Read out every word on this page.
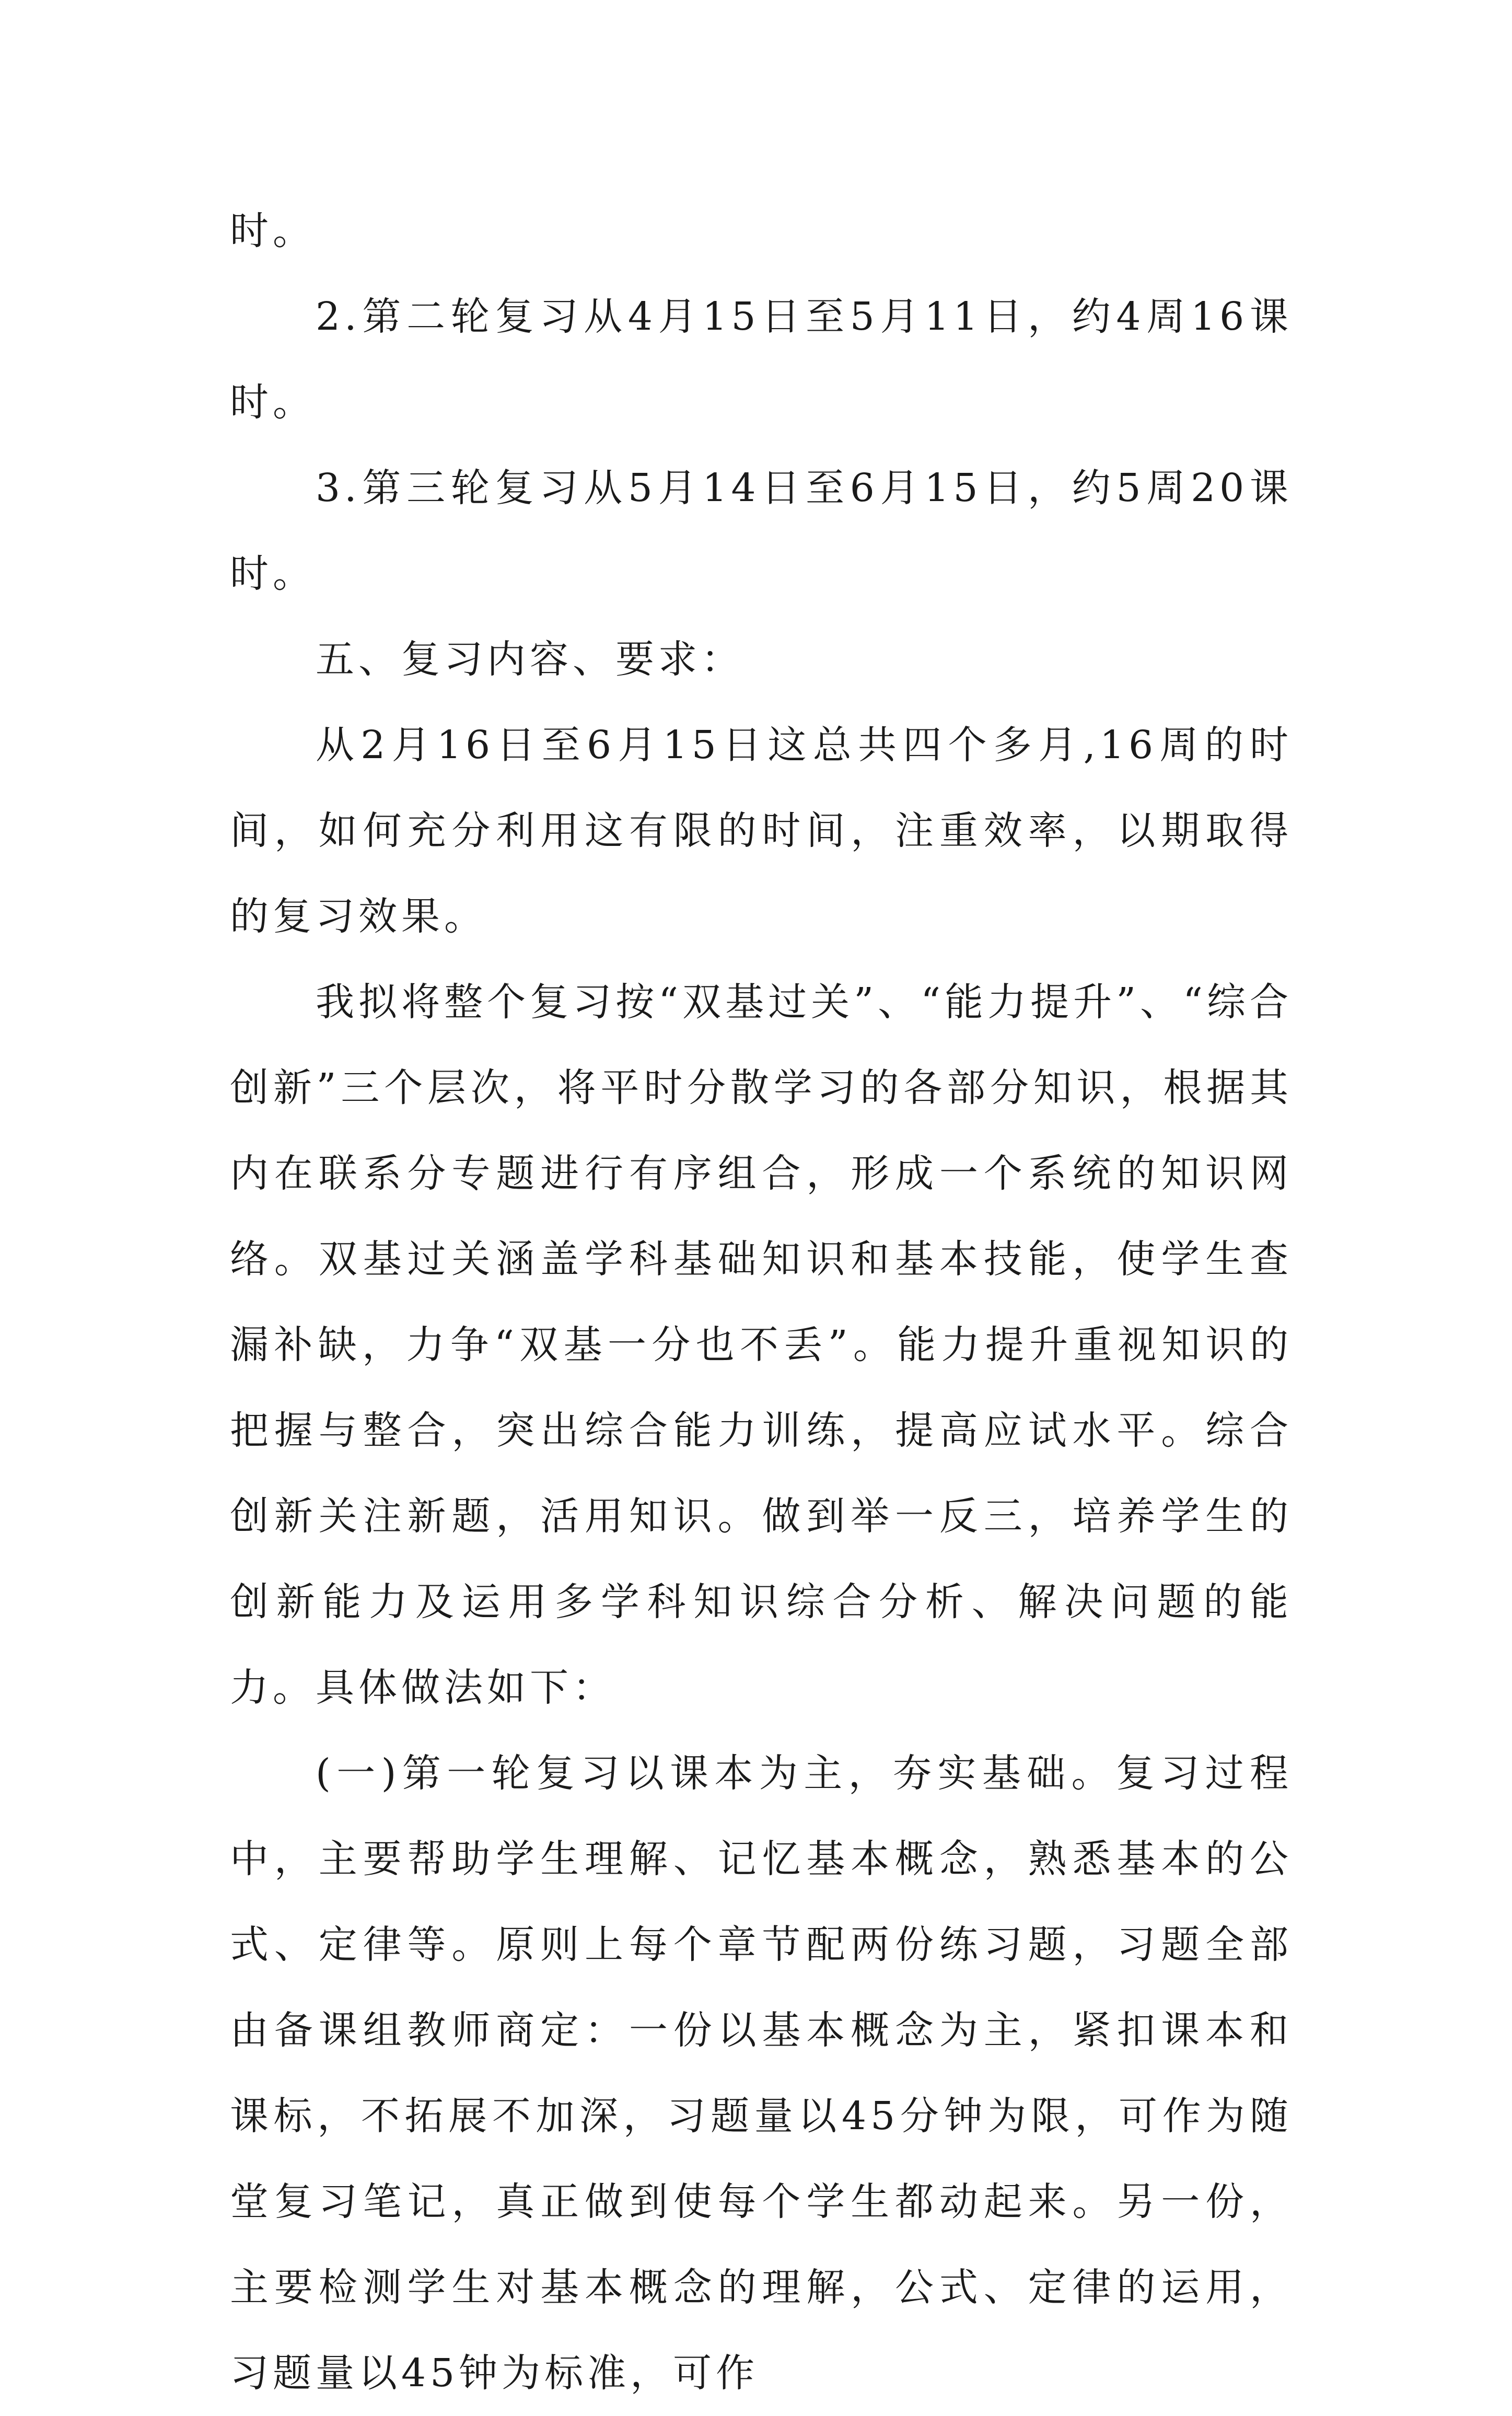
时。

2.第二轮复习从4月15日至5月11日，约4周16课时。

3.第三轮复习从5月14日至6月15日，约5周20课时。

五、复习内容、要求：

从2月16日至6月15日这总共四个多月,16周的时间，如何充分利用这有限的时间，注重效率，以期取得的复习效果。

我拟将整个复习按“双基过关”、“能力提升”、“综合创新”三个层次，将平时分散学习的各部分知识，根据其内在联系分专题进行有序组合，形成一个系统的知识网络。双基过关涵盖学科基础知识和基本技能，使学生查漏补缺，力争“双基一分也不丢”。能力提升重视知识的把握与整合，突出综合能力训练，提高应试水平。综合创新关注新题，活用知识。做到举一反三，培养学生的创新能力及运用多学科知识综合分析、解决问题的能力。具体做法如下：

(一)第一轮复习以课本为主，夯实基础。复习过程中，主要帮助学生理解、记忆基本概念，熟悉基本的公式、定律等。原则上每个章节配两份练习题，习题全部由备课组教师商定：一份以基本概念为主，紧扣课本和课标，不拓展不加深，习题量以45分钟为限，可作为随堂复习笔记，真正做到使每个学生都动起来。另一份，主要检测学生对基本概念的理解，公式、定律的运用，习题量以45钟为标准，可作
